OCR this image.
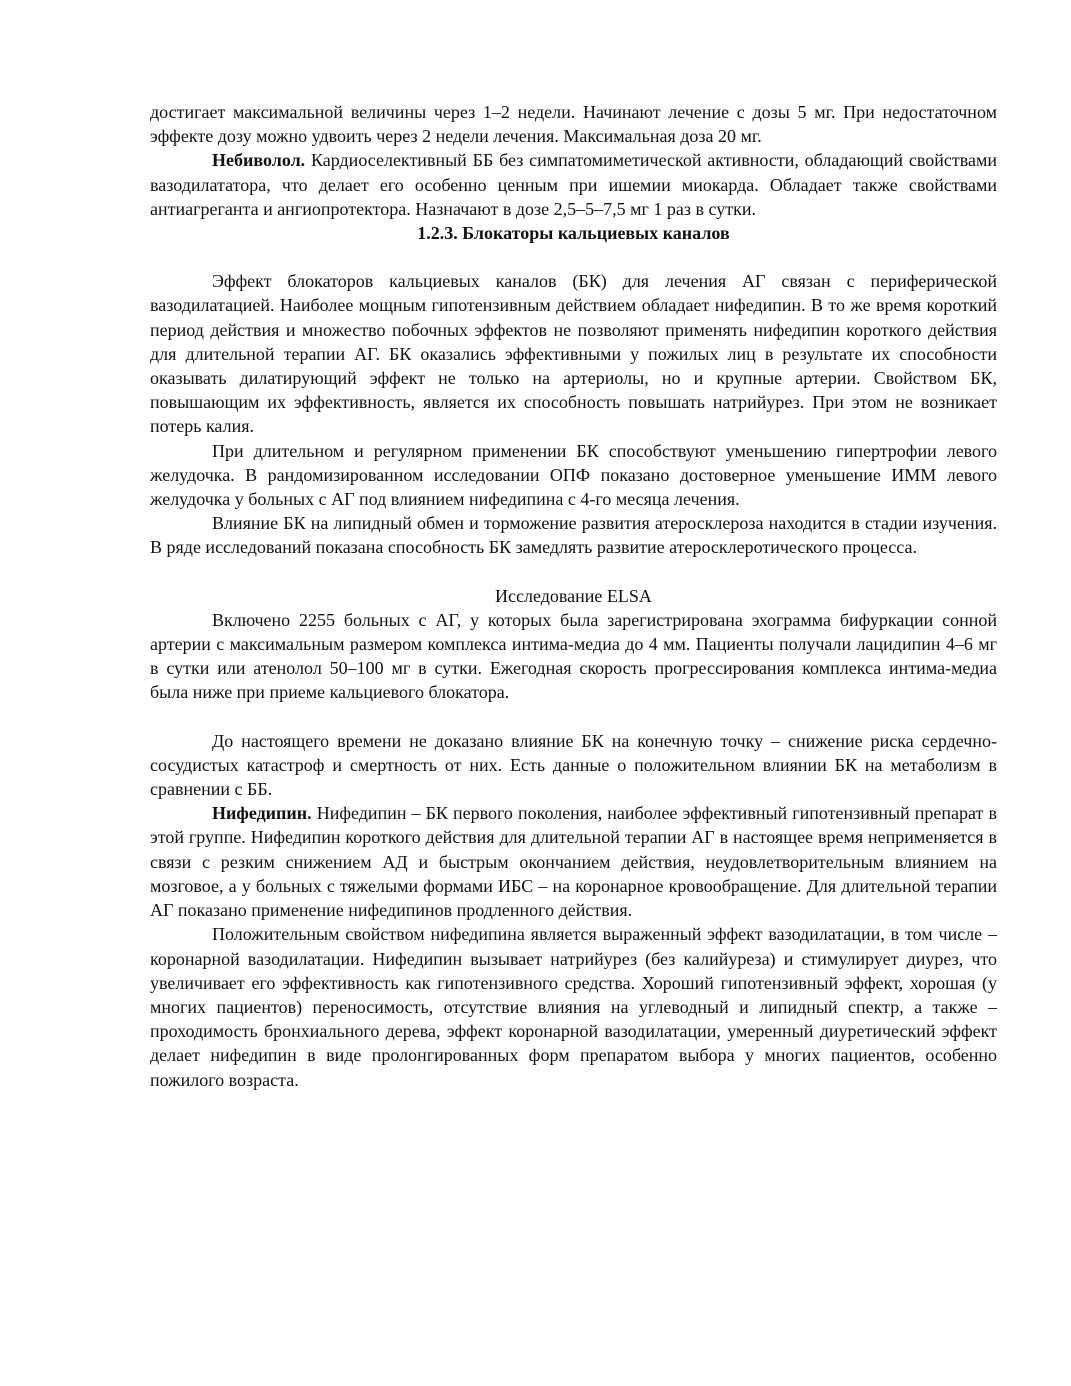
достигает максимальной величины через 1–2 недели. Начинают лечение с дозы 5 мг. При недостаточном эффекте дозу можно удвоить через 2 недели лечения. Максимальная доза 20 мг.

Небиволол. Кардиоселективный ББ без симпатомиметической активности, обладающий свойствами вазодилататора, что делает его особенно ценным при ишемии миокарда. Обладает также свойствами антиагреганта и ангиопротектора. Назначают в дозе 2,5–5–7,5 мг 1 раз в сутки.

1.2.3. Блокаторы кальциевых каналов

Эффект блокаторов кальциевых каналов (БК) для лечения АГ связан с периферической вазодилатацией. Наиболее мощным гипотензивным действием обладает нифедипин. В то же время короткий период действия и множество побочных эффектов не позволяют применять нифедипин короткого действия для длительной терапии АГ. БК оказались эффективными у пожилых лиц в результате их способности оказывать дилатирующий эффект не только на артериолы, но и крупные артерии. Свойством БК, повышающим их эффективность, является их способность повышать натрийурез. При этом не возникает потерь калия.

При длительном и регулярном применении БК способствуют уменьшению гипертрофии левого желудочка. В рандомизированном исследовании ОПФ показано достоверное уменьшение ИММ левого желудочка у больных с АГ под влиянием нифедипина с 4-го месяца лечения.

Влияние БК на липидный обмен и торможение развития атеросклероза находится в стадии изучения. В ряде исследований показана способность БК замедлять развитие атеросклеротического процесса.

Исследование ELSA

Включено 2255 больных с АГ, у которых была зарегистрирована эхограмма бифуркации сонной артерии с максимальным размером комплекса интима-медиа до 4 мм. Пациенты получали лацидипин 4–6 мг в сутки или атенолол 50–100 мг в сутки. Ежегодная скорость прогрессирования комплекса интима-медиа была ниже при приеме кальциевого блокатора.

До настоящего времени не доказано влияние БК на конечную точку – снижение риска сердечно-сосудистых катастроф и смертность от них. Есть данные о положительном влиянии БК на метаболизм в сравнении с ББ.

Нифедипин. Нифедипин – БК первого поколения, наиболее эффективный гипотензивный препарат в этой группе. Нифедипин короткого действия для длительной терапии АГ в настоящее время неприменяется в связи с резким снижением АД и быстрым окончанием действия, неудовлетворительным влиянием на мозговое, а у больных с тяжелыми формами ИБС – на коронарное кровообращение. Для длительной терапии АГ показано применение нифедипинов продленного действия.

Положительным свойством нифедипина является выраженный эффект вазодилатации, в том числе – коронарной вазодилатации. Нифедипин вызывает натрийурез (без калийуреза) и стимулирует диурез, что увеличивает его эффективность как гипотензивного средства. Хороший гипотензивный эффект, хорошая (у многих пациентов) переносимость, отсутствие влияния на углеводный и липидный спектр, а также – проходимость бронхиального дерева, эффект коронарной вазодилатации, умеренный диуретический эффект делает нифедипин в виде пролонгированных форм препаратом выбора у многих пациентов, особенно пожилого возраста.
